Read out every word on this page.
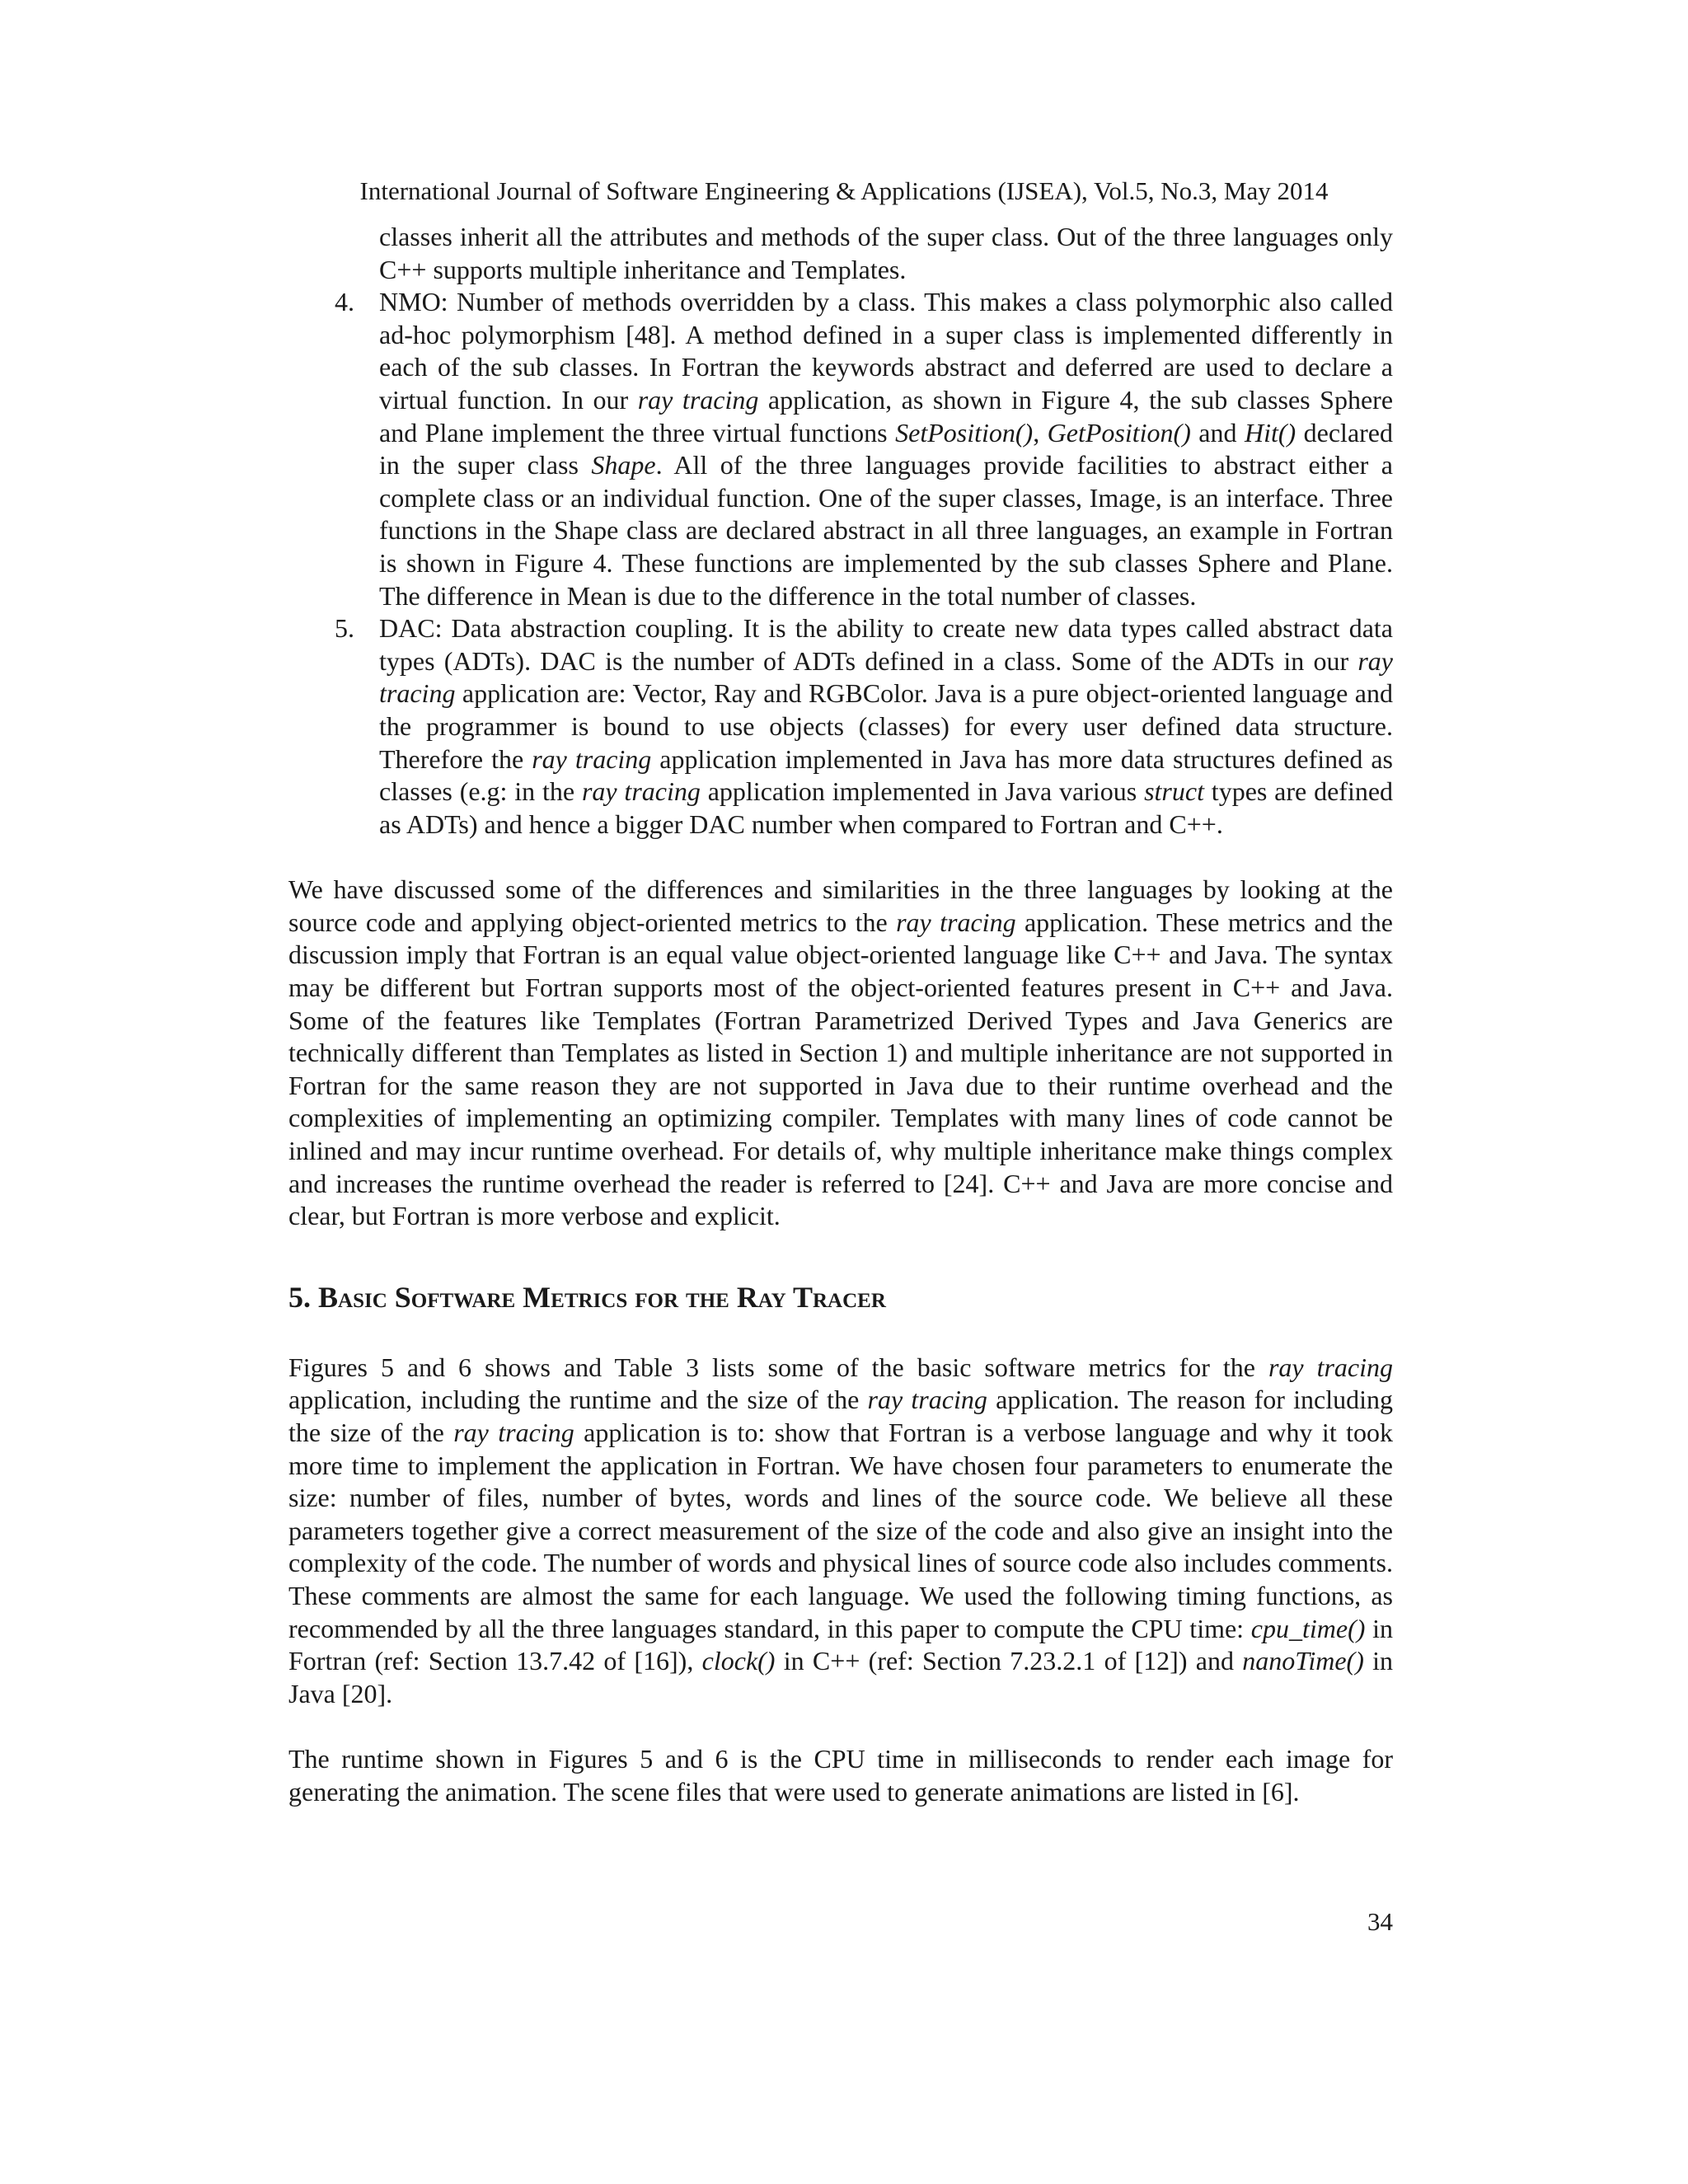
International Journal of Software Engineering & Applications (IJSEA), Vol.5, No.3, May 2014

classes inherit all the attributes and methods of the super class. Out of the three languages only C++ supports multiple inheritance and Templates.

4. NMO: Number of methods overridden by a class. This makes a class polymorphic also called ad-hoc polymorphism [48]. A method defined in a super class is implemented differently in each of the sub classes. In Fortran the keywords abstract and deferred are used to declare a virtual function. In our ray tracing application, as shown in Figure 4, the sub classes Sphere and Plane implement the three virtual functions SetPosition(), GetPosition() and Hit() declared in the super class Shape. All of the three languages provide facilities to abstract either a complete class or an individual function. One of the super classes, Image, is an interface. Three functions in the Shape class are declared abstract in all three languages, an example in Fortran is shown in Figure 4. These functions are implemented by the sub classes Sphere and Plane. The difference in Mean is due to the difference in the total number of classes.

5. DAC: Data abstraction coupling. It is the ability to create new data types called abstract data types (ADTs). DAC is the number of ADTs defined in a class. Some of the ADTs in our ray tracing application are: Vector, Ray and RGBColor. Java is a pure object-oriented language and the programmer is bound to use objects (classes) for every user defined data structure. Therefore the ray tracing application implemented in Java has more data structures defined as classes (e.g: in the ray tracing application implemented in Java various struct types are defined as ADTs) and hence a bigger DAC number when compared to Fortran and C++.

We have discussed some of the differences and similarities in the three languages by looking at the source code and applying object-oriented metrics to the ray tracing application. These metrics and the discussion imply that Fortran is an equal value object-oriented language like C++ and Java. The syntax may be different but Fortran supports most of the object-oriented features present in C++ and Java. Some of the features like Templates (Fortran Parametrized Derived Types and Java Generics are technically different than Templates as listed in Section 1) and multiple inheritance are not supported in Fortran for the same reason they are not supported in Java due to their runtime overhead and the complexities of implementing an optimizing compiler. Templates with many lines of code cannot be inlined and may incur runtime overhead. For details of, why multiple inheritance make things complex and increases the runtime overhead the reader is referred to [24]. C++ and Java are more concise and clear, but Fortran is more verbose and explicit.

5. Basic Software Metrics for the Ray Tracer

Figures 5 and 6 shows and Table 3 lists some of the basic software metrics for the ray tracing application, including the runtime and the size of the ray tracing application. The reason for including the size of the ray tracing application is to: show that Fortran is a verbose language and why it took more time to implement the application in Fortran. We have chosen four parameters to enumerate the size: number of files, number of bytes, words and lines of the source code. We believe all these parameters together give a correct measurement of the size of the code and also give an insight into the complexity of the code. The number of words and physical lines of source code also includes comments. These comments are almost the same for each language. We used the following timing functions, as recommended by all the three languages standard, in this paper to compute the CPU time: cpu_time() in Fortran (ref: Section 13.7.42 of [16]), clock() in C++ (ref: Section 7.23.2.1 of [12]) and nanoTime() in Java [20].

The runtime shown in Figures 5 and 6 is the CPU time in milliseconds to render each image for generating the animation. The scene files that were used to generate animations are listed in [6].

34
